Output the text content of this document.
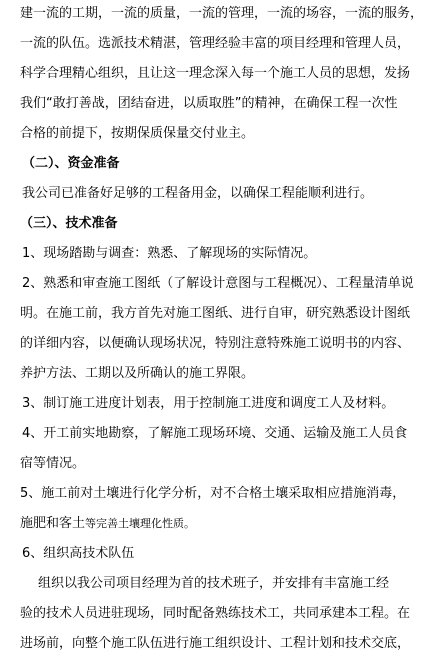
建一流的工期，一流的质量，一流的管理，一流的场容，一流的服务，
一流的队伍。选派技术精湛，管理经验丰富的项目经理和管理人员，
科学合理精心组织，且让这一理念深入每一个施工人员的思想，发扬
我们“敢打善战，团结奋进，以质取胜”的精神，在确保工程一次性
合格的前提下，按期保质保量交付业主。
（二）、资金准备
我公司已准备好足够的工程备用金，以确保工程能顺利进行。
（三）、技术准备
1、现场踏勘与调查：熟悉、了解现场的实际情况。
2、熟悉和审查施工图纸（了解设计意图与工程概况）、工程量清单说
明。在施工前，我方首先对施工图纸、进行自审，研究熟悉设计图纸
的详细内容，以便确认现场状况，特别注意特殊施工说明书的内容、
养护方法、工期以及所确认的施工界限。
3、制订施工进度计划表，用于控制施工进度和调度工人及材料。
4、开工前实地勘察，了解施工现场环境、交通、运输及施工人员食
宿等情况。
5、施工前对土壤进行化学分析，对不合格土壤采取相应措施消毒，
施肥和客土等完善土壤理化性质。
6、组织高技术队伍
组织以我公司项目经理为首的技术班子，并安排有丰富施工经
验的技术人员进驻现场，同时配备熟练技术工，共同承建本工程。在
进场前，向整个施工队伍进行施工组织设计、工程计划和技术交底，
